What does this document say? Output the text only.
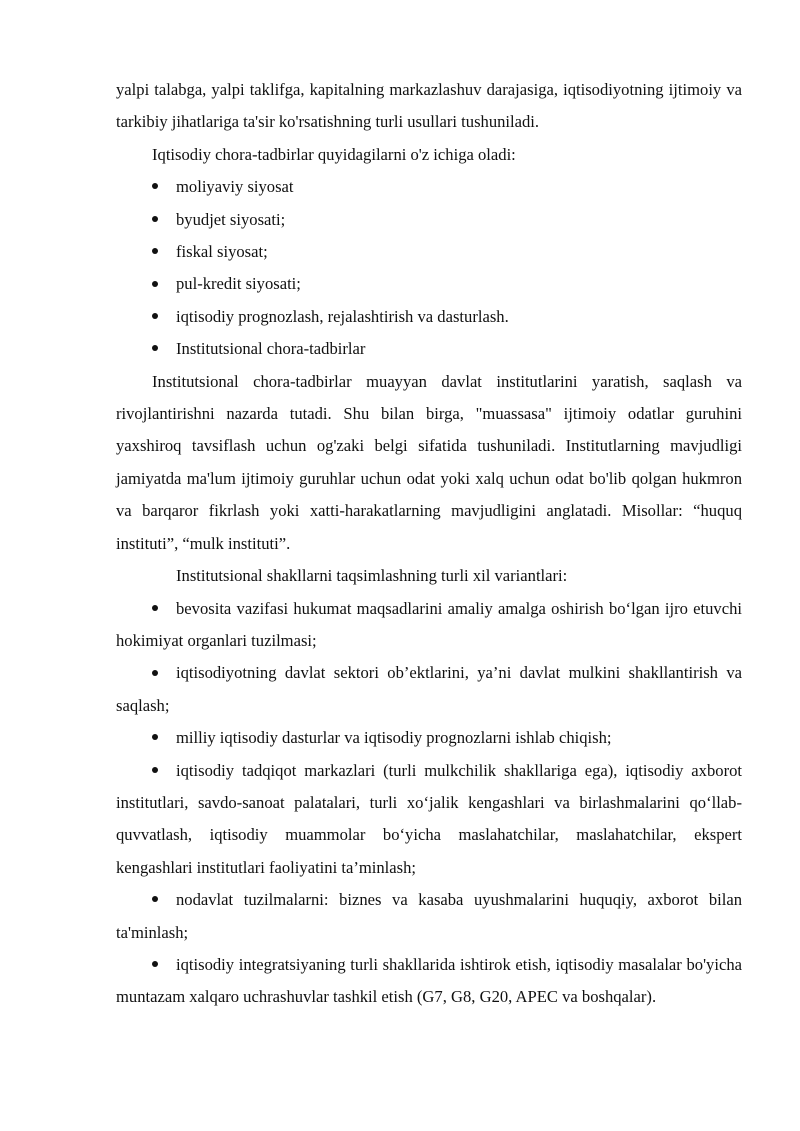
yalpi talabga, yalpi taklifga, kapitalning markazlashuv darajasiga, iqtisodiyotning ijtimoiy va tarkibiy jihatlariga ta'sir ko'rsatishning turli usullari tushuniladi.

Iqtisodiy chora-tadbirlar quyidagilarni o'z ichiga oladi:

moliyaviy siyosat

byudjet siyosati;

fiskal siyosat;

pul-kredit siyosati;

iqtisodiy prognozlash, rejalashtirish va dasturlash.

Institutsional chora-tadbirlar

Institutsional chora-tadbirlar muayyan davlat institutlarini yaratish, saqlash va rivojlantirishni nazarda tutadi. Shu bilan birga, "muassasa" ijtimoiy odatlar guruhini yaxshiroq tavsiflash uchun og'zaki belgi sifatida tushuniladi. Institutlarning mavjudligi jamiyatda ma'lum ijtimoiy guruhlar uchun odat yoki xalq uchun odat bo'lib qolgan hukmron va barqaror fikrlash yoki xatti-harakatlarning mavjudligini anglatadi. Misollar: “huquq instituti”, “mulk instituti”.

Institutsional shakllarni taqsimlashning turli xil variantlari:

bevosita vazifasi hukumat maqsadlarini amaliy amalga oshirish bo‘lgan ijro etuvchi hokimiyat organlari tuzilmasi;

iqtisodiyotning davlat sektori ob’ektlarini, ya’ni davlat mulkini shakllantirish va saqlash;

milliy iqtisodiy dasturlar va iqtisodiy prognozlarni ishlab chiqish;

iqtisodiy tadqiqot markazlari (turli mulkchilik shakllariga ega), iqtisodiy axborot institutlari, savdo-sanoat palatalari, turli xo‘jalik kengashlari va birlashmalarini qo‘llab-quvvatlash, iqtisodiy muammolar bo‘yicha maslahatchilar, maslahatchilar, ekspert kengashlari institutlari faoliyatini ta’minlash;

nodavlat tuzilmalarni: biznes va kasaba uyushmalarini huquqiy, axborot bilan ta'minlash;

iqtisodiy integratsiyaning turli shakllarida ishtirok etish, iqtisodiy masalalar bo'yicha muntazam xalqaro uchrashuvlar tashkil etish (G7, G8, G20, APEC va boshqalar).
